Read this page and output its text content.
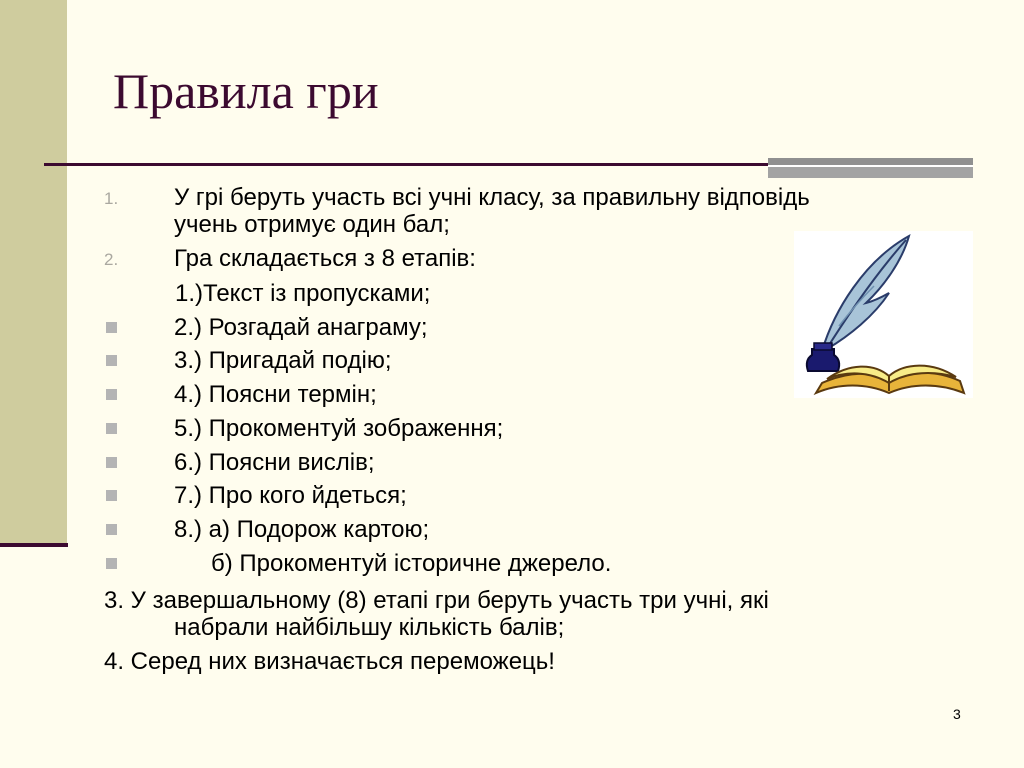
Правила гри
1. У грі беруть участь всі учні класу, за правильну відповідь
учень отримує один бал;
2. Гра складається з 8 етапів:
1.)Текст із пропусками;
2.) Розгадай анаграму;
3.) Пригадай подію;
4.) Поясни термін;
5.) Прокоментуй зображення;
6.) Поясни вислів;
7.) Про кого йдеться;
8.) а) Подорож картою;
б) Прокоментуй історичне джерело.
3. У завершальному (8) етапі гри беруть участь три учні, які
набрали найбільшу кількість балів;
4. Серед них визначається переможець!
3
